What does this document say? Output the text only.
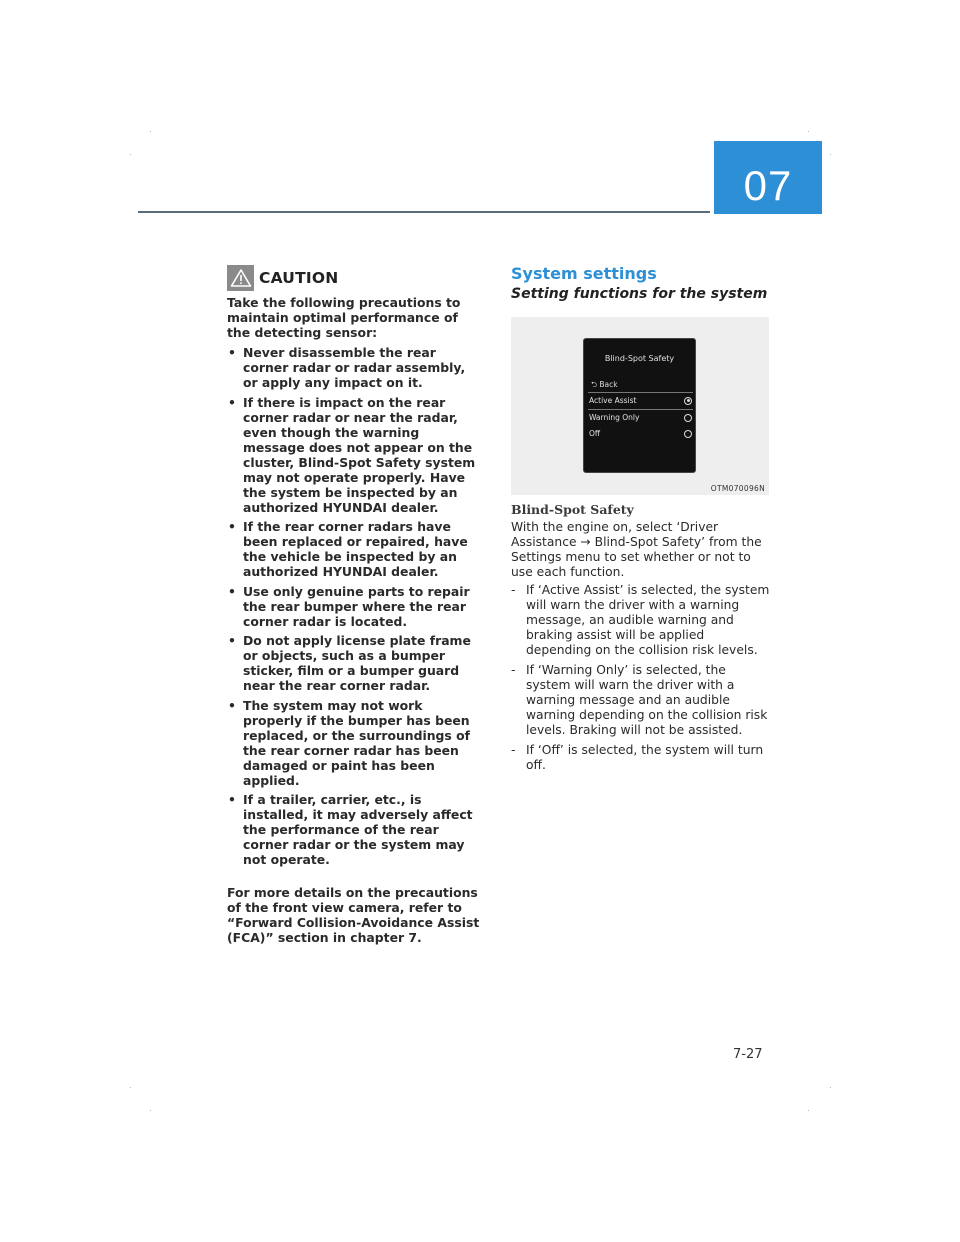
07
CAUTION
Take the following precautions to maintain optimal performance of the detecting sensor:
• Never disassemble the rear corner radar or radar assembly, or apply any impact on it.
• If there is impact on the rear corner radar or near the radar, even though the warning message does not appear on the cluster, Blind-Spot Safety system may not operate properly. Have the system be inspected by an authorized HYUNDAI dealer.
• If the rear corner radars have been replaced or repaired, have the vehicle be inspected by an authorized HYUNDAI dealer.
• Use only genuine parts to repair the rear bumper where the rear corner radar is located.
• Do not apply license plate frame or objects, such as a bumper sticker, film or a bumper guard near the rear corner radar.
• The system may not work properly if the bumper has been replaced, or the surroundings of the rear corner radar has been damaged or paint has been applied.
• If a trailer, carrier, etc., is installed, it may adversely affect the performance of the rear corner radar or the system may not operate.
For more details on the precautions of the front view camera, refer to “Forward Collision-Avoidance Assist (FCA)” section in chapter 7.
System settings
Setting functions for the system
Blind-Spot Safety
⮌ Back
Active Assist
Warning Only
Off
OTM070096N
Blind-Spot Safety
With the engine on, select ‘Driver Assistance → Blind-Spot Safety’ from the Settings menu to set whether or not to use each function.
- If ‘Active Assist’ is selected, the system will warn the driver with a warning message, an audible warning and braking assist will be applied depending on the collision risk levels.
- If ‘Warning Only’ is selected, the system will warn the driver with a warning message and an audible warning depending on the collision risk levels. Braking will not be assisted.
- If ‘Off’ is selected, the system will turn off.
7-27
